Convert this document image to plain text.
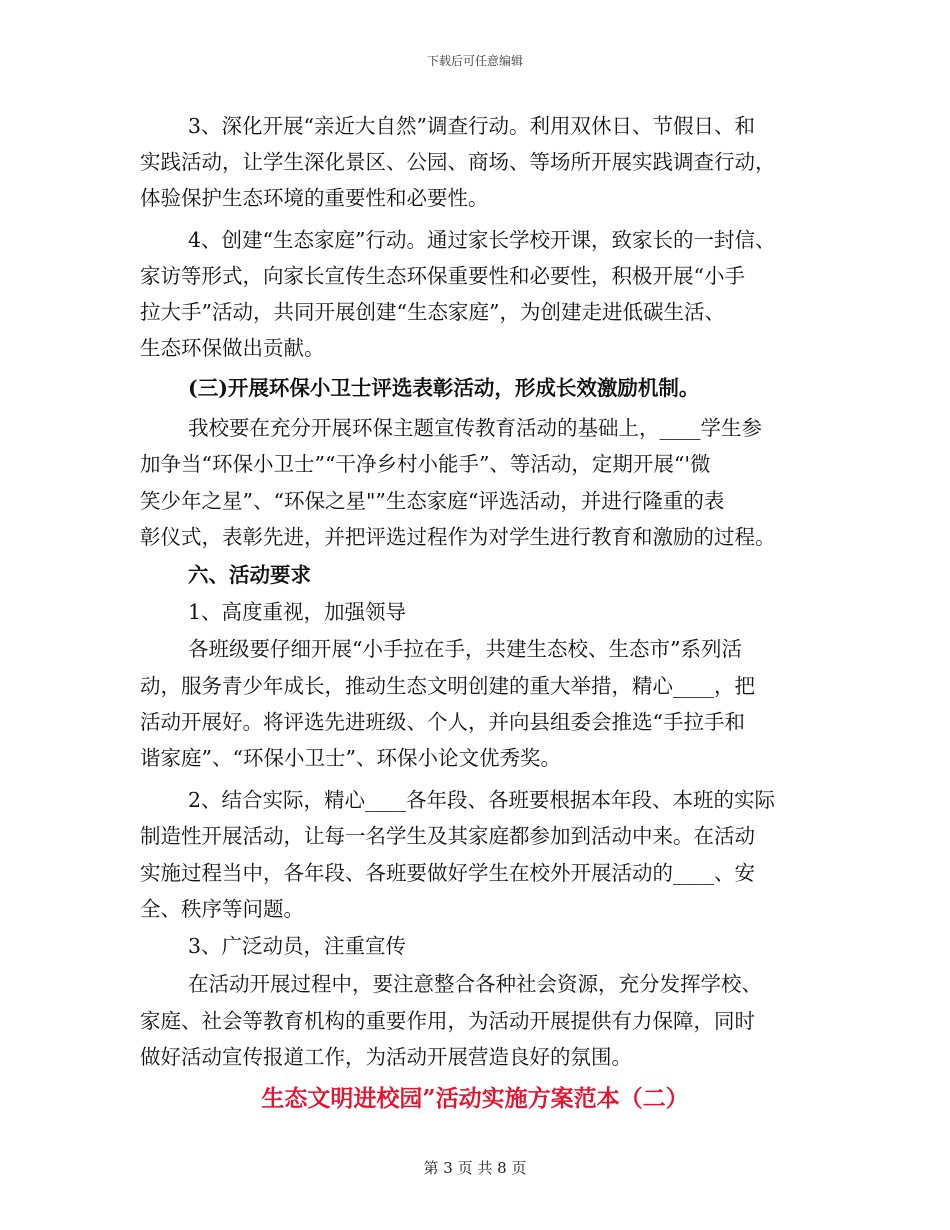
下载后可任意编辑
3、深化开展“亲近大自然”调查行动。利用双休日、节假日、和
实践活动，让学生深化景区、公园、商场、等场所开展实践调查行动，
体验保护生态环境的重要性和必要性。
4、创建“生态家庭”行动。通过家长学校开课，致家长的一封信、
家访等形式，向家长宣传生态环保重要性和必要性，积极开展“小手
拉大手”活动，共同开展创建“生态家庭”，为创建走进低碳生活、
生态环保做出贡献。
(三)开展环保小卫士评选表彰活动，形成长效激励机制。
我校要在充分开展环保主题宣传教育活动的基础上，____学生参
加争当“环保小卫士”“干净乡村小能手”、等活动，定期开展“'微
笑少年之星”、“环保之星"”生态家庭“评选活动，并进行隆重的表
彰仪式，表彰先进，并把评选过程作为对学生进行教育和激励的过程。
六、活动要求
1、高度重视，加强领导
各班级要仔细开展“小手拉在手，共建生态校、生态市”系列活
动，服务青少年成长，推动生态文明创建的重大举措，精心____，把
活动开展好。将评选先进班级、个人，并向县组委会推选“手拉手和
谐家庭”、“环保小卫士”、环保小论文优秀奖。
2、结合实际，精心____各年段、各班要根据本年段、本班的实际
制造性开展活动，让每一名学生及其家庭都参加到活动中来。在活动
实施过程当中，各年段、各班要做好学生在校外开展活动的____、安
全、秩序等问题。
3、广泛动员，注重宣传
在活动开展过程中，要注意整合各种社会资源，充分发挥学校、
家庭、社会等教育机构的重要作用，为活动开展提供有力保障，同时
做好活动宣传报道工作，为活动开展营造良好的氛围。
生态文明进校园”活动实施方案范本（二）
第 3 页 共 8 页
